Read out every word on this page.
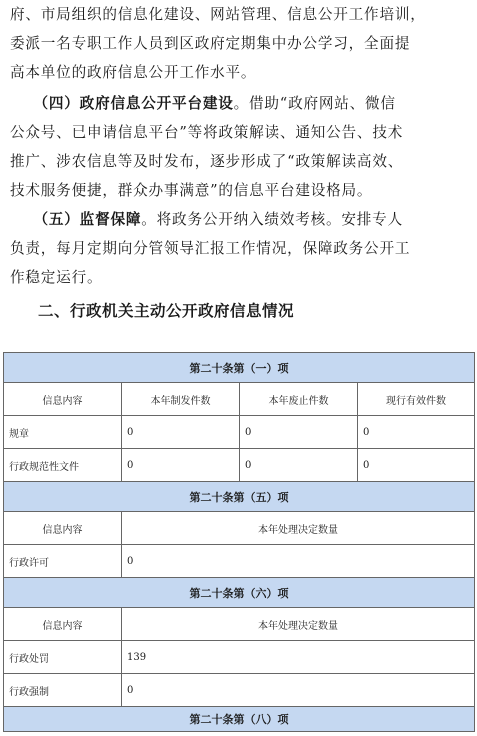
府、市局组织的信息化建设、网站管理、信息公开工作培训，
委派一名专职工作人员到区政府定期集中办公学习，全面提
高本单位的政府信息公开工作水平。
　　（四）政府信息公开平台建设。借助“政府网站、微信
公众号、已申请信息平台”等将政策解读、通知公告、技术
推广、涉农信息等及时发布，逐步形成了“政策解读高效、
技术服务便捷，群众办事满意”的信息平台建设格局。
　　（五）监督保障。将政务公开纳入绩效考核。安排专人
负责，每月定期向分管领导汇报工作情况，保障政务公开工
作稳定运行。
二、行政机关主动公开政府信息情况
第二十条第（一）项			
信息内容	本年制发件数	本年废止件数	现行有效件数
规章	0	0	0
行政规范性文件	0	0	0
第二十条第（五）项			
信息内容	本年处理决定数量		
行政许可	0		
第二十条第（六）项			
信息内容	本年处理决定数量		
行政处罚	139		
行政强制	0		
第二十条第（八）项			
